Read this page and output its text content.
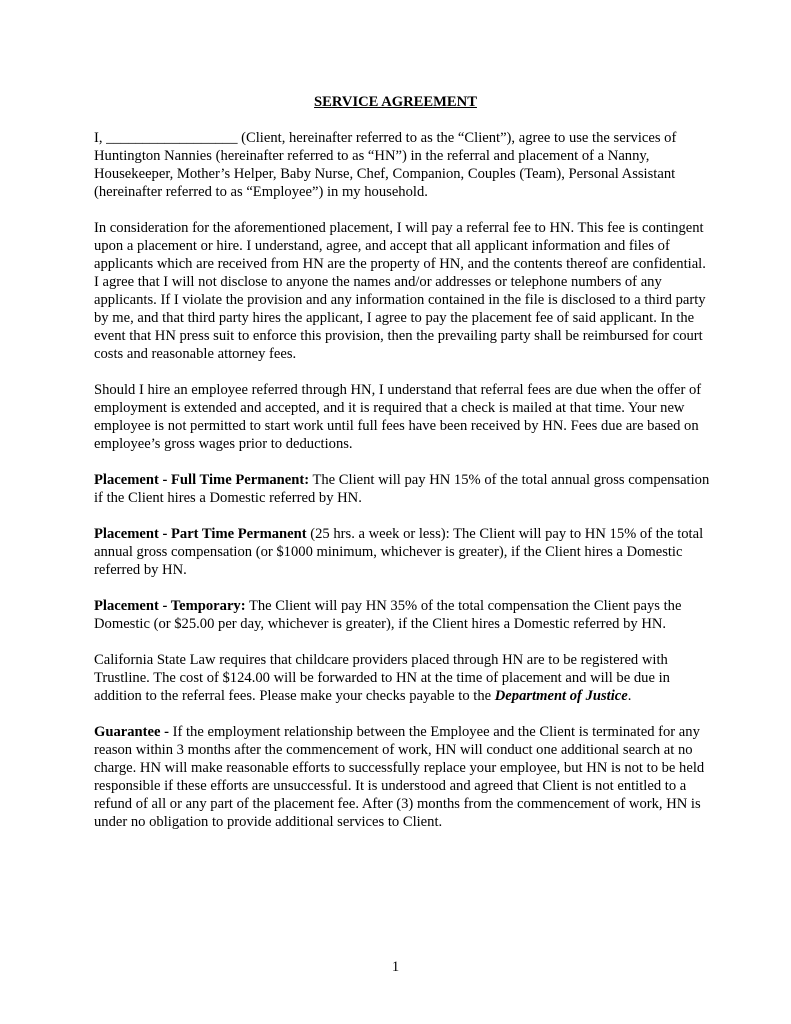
SERVICE AGREEMENT

I, __________________ (Client, hereinafter referred to as the “Client”), agree to use the services of Huntington Nannies (hereinafter referred to as “HN”) in the referral and placement of a Nanny, Housekeeper, Mother’s Helper, Baby Nurse, Chef, Companion, Couples (Team), Personal Assistant (hereinafter referred to as “Employee”) in my household.

In consideration for the aforementioned placement, I will pay a referral fee to HN. This fee is contingent upon a placement or hire. I understand, agree, and accept that all applicant information and files of applicants which are received from HN are the property of HN, and the contents thereof are confidential. I agree that I will not disclose to anyone the names and/or addresses or telephone numbers of any applicants. If I violate the provision and any information contained in the file is disclosed to a third party by me, and that third party hires the applicant, I agree to pay the placement fee of said applicant. In the event that HN press suit to enforce this provision, then the prevailing party shall be reimbursed for court costs and reasonable attorney fees.

Should I hire an employee referred through HN, I understand that referral fees are due when the offer of employment is extended and accepted, and it is required that a check is mailed at that time. Your new employee is not permitted to start work until full fees have been received by HN. Fees due are based on employee’s gross wages prior to deductions.

Placement - Full Time Permanent: The Client will pay HN 15% of the total annual gross compensation if the Client hires a Domestic referred by HN.

Placement - Part Time Permanent (25 hrs. a week or less): The Client will pay to HN 15% of the total annual gross compensation (or $1000 minimum, whichever is greater), if the Client hires a Domestic referred by HN.

Placement - Temporary: The Client will pay HN 35% of the total compensation the Client pays the Domestic (or $25.00 per day, whichever is greater), if the Client hires a Domestic referred by HN.

California State Law requires that childcare providers placed through HN are to be registered with Trustline. The cost of $124.00 will be forwarded to HN at the time of placement and will be due in addition to the referral fees. Please make your checks payable to the Department of Justice.

Guarantee - If the employment relationship between the Employee and the Client is terminated for any reason within 3 months after the commencement of work, HN will conduct one additional search at no charge. HN will make reasonable efforts to successfully replace your employee, but HN is not to be held responsible if these efforts are unsuccessful. It is understood and agreed that Client is not entitled to a refund of all or any part of the placement fee. After (3) months from the commencement of work, HN is under no obligation to provide additional services to Client.

1
